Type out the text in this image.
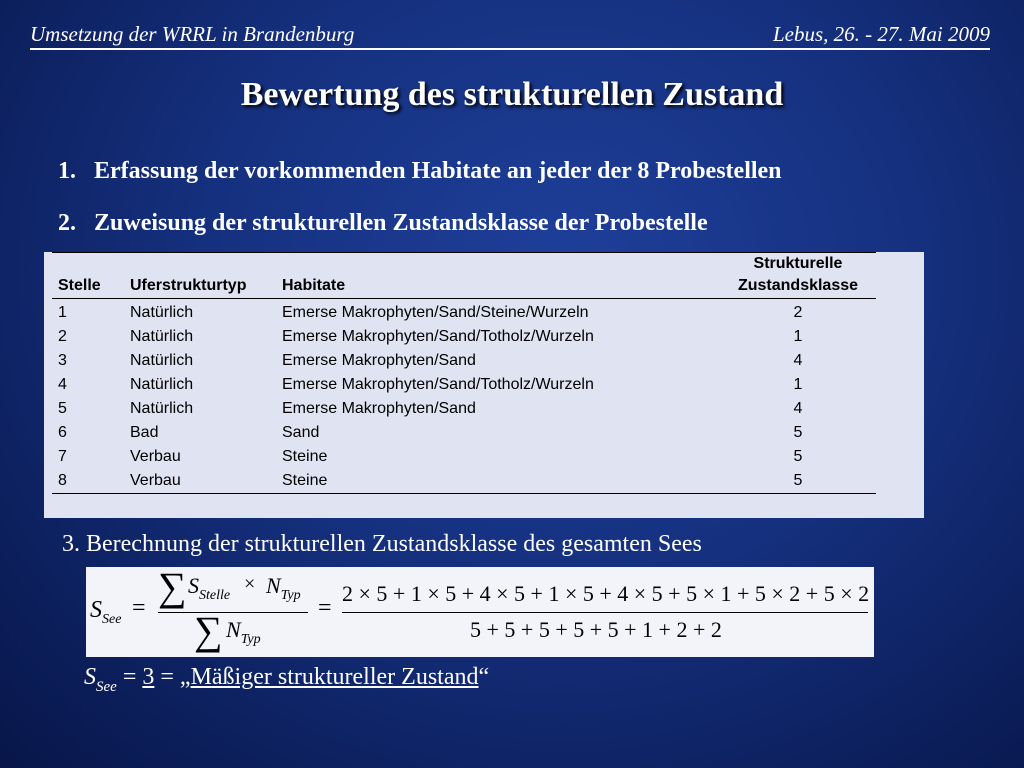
Umsetzung der WRRL in Brandenburg	Lebus, 26. - 27. Mai 2009
Bewertung des strukturellen Zustand
1. Erfassung der vorkommenden Habitate an jeder der 8 Probestellen
2. Zuweisung der strukturellen Zustandsklasse der Probestelle
Stelle	Uferstrukturtyp	Habitate	Strukturelle
Zustandsklasse
1	Natürlich	Emerse Makrophyten/Sand/Steine/Wurzeln	2
2	Natürlich	Emerse Makrophyten/Sand/Totholz/Wurzeln	1
3	Natürlich	Emerse Makrophyten/Sand	4
4	Natürlich	Emerse Makrophyten/Sand/Totholz/Wurzeln	1
5	Natürlich	Emerse Makrophyten/Sand	4
6	Bad	Sand	5
7	Verbau	Steine	5
8	Verbau	Steine	5
3. Berechnung der strukturellen Zustandsklasse des gesamten Sees
$S_{See}$ = ∑ $S_{Stelle}$
× $N_{Typ}$
∑ $N_{Typ}$
=
2 × 5 + 1 × 5 + 4 × 5 + 1 × 5 + 4 × 5 + 5 × 1 + 5 × 2 + 5 × 2
5 + 5 + 5 + 5 + 5 + 1 + 2 + 2
$S_{See} = 3$ = „Mäßiger struktureller Zustand“
